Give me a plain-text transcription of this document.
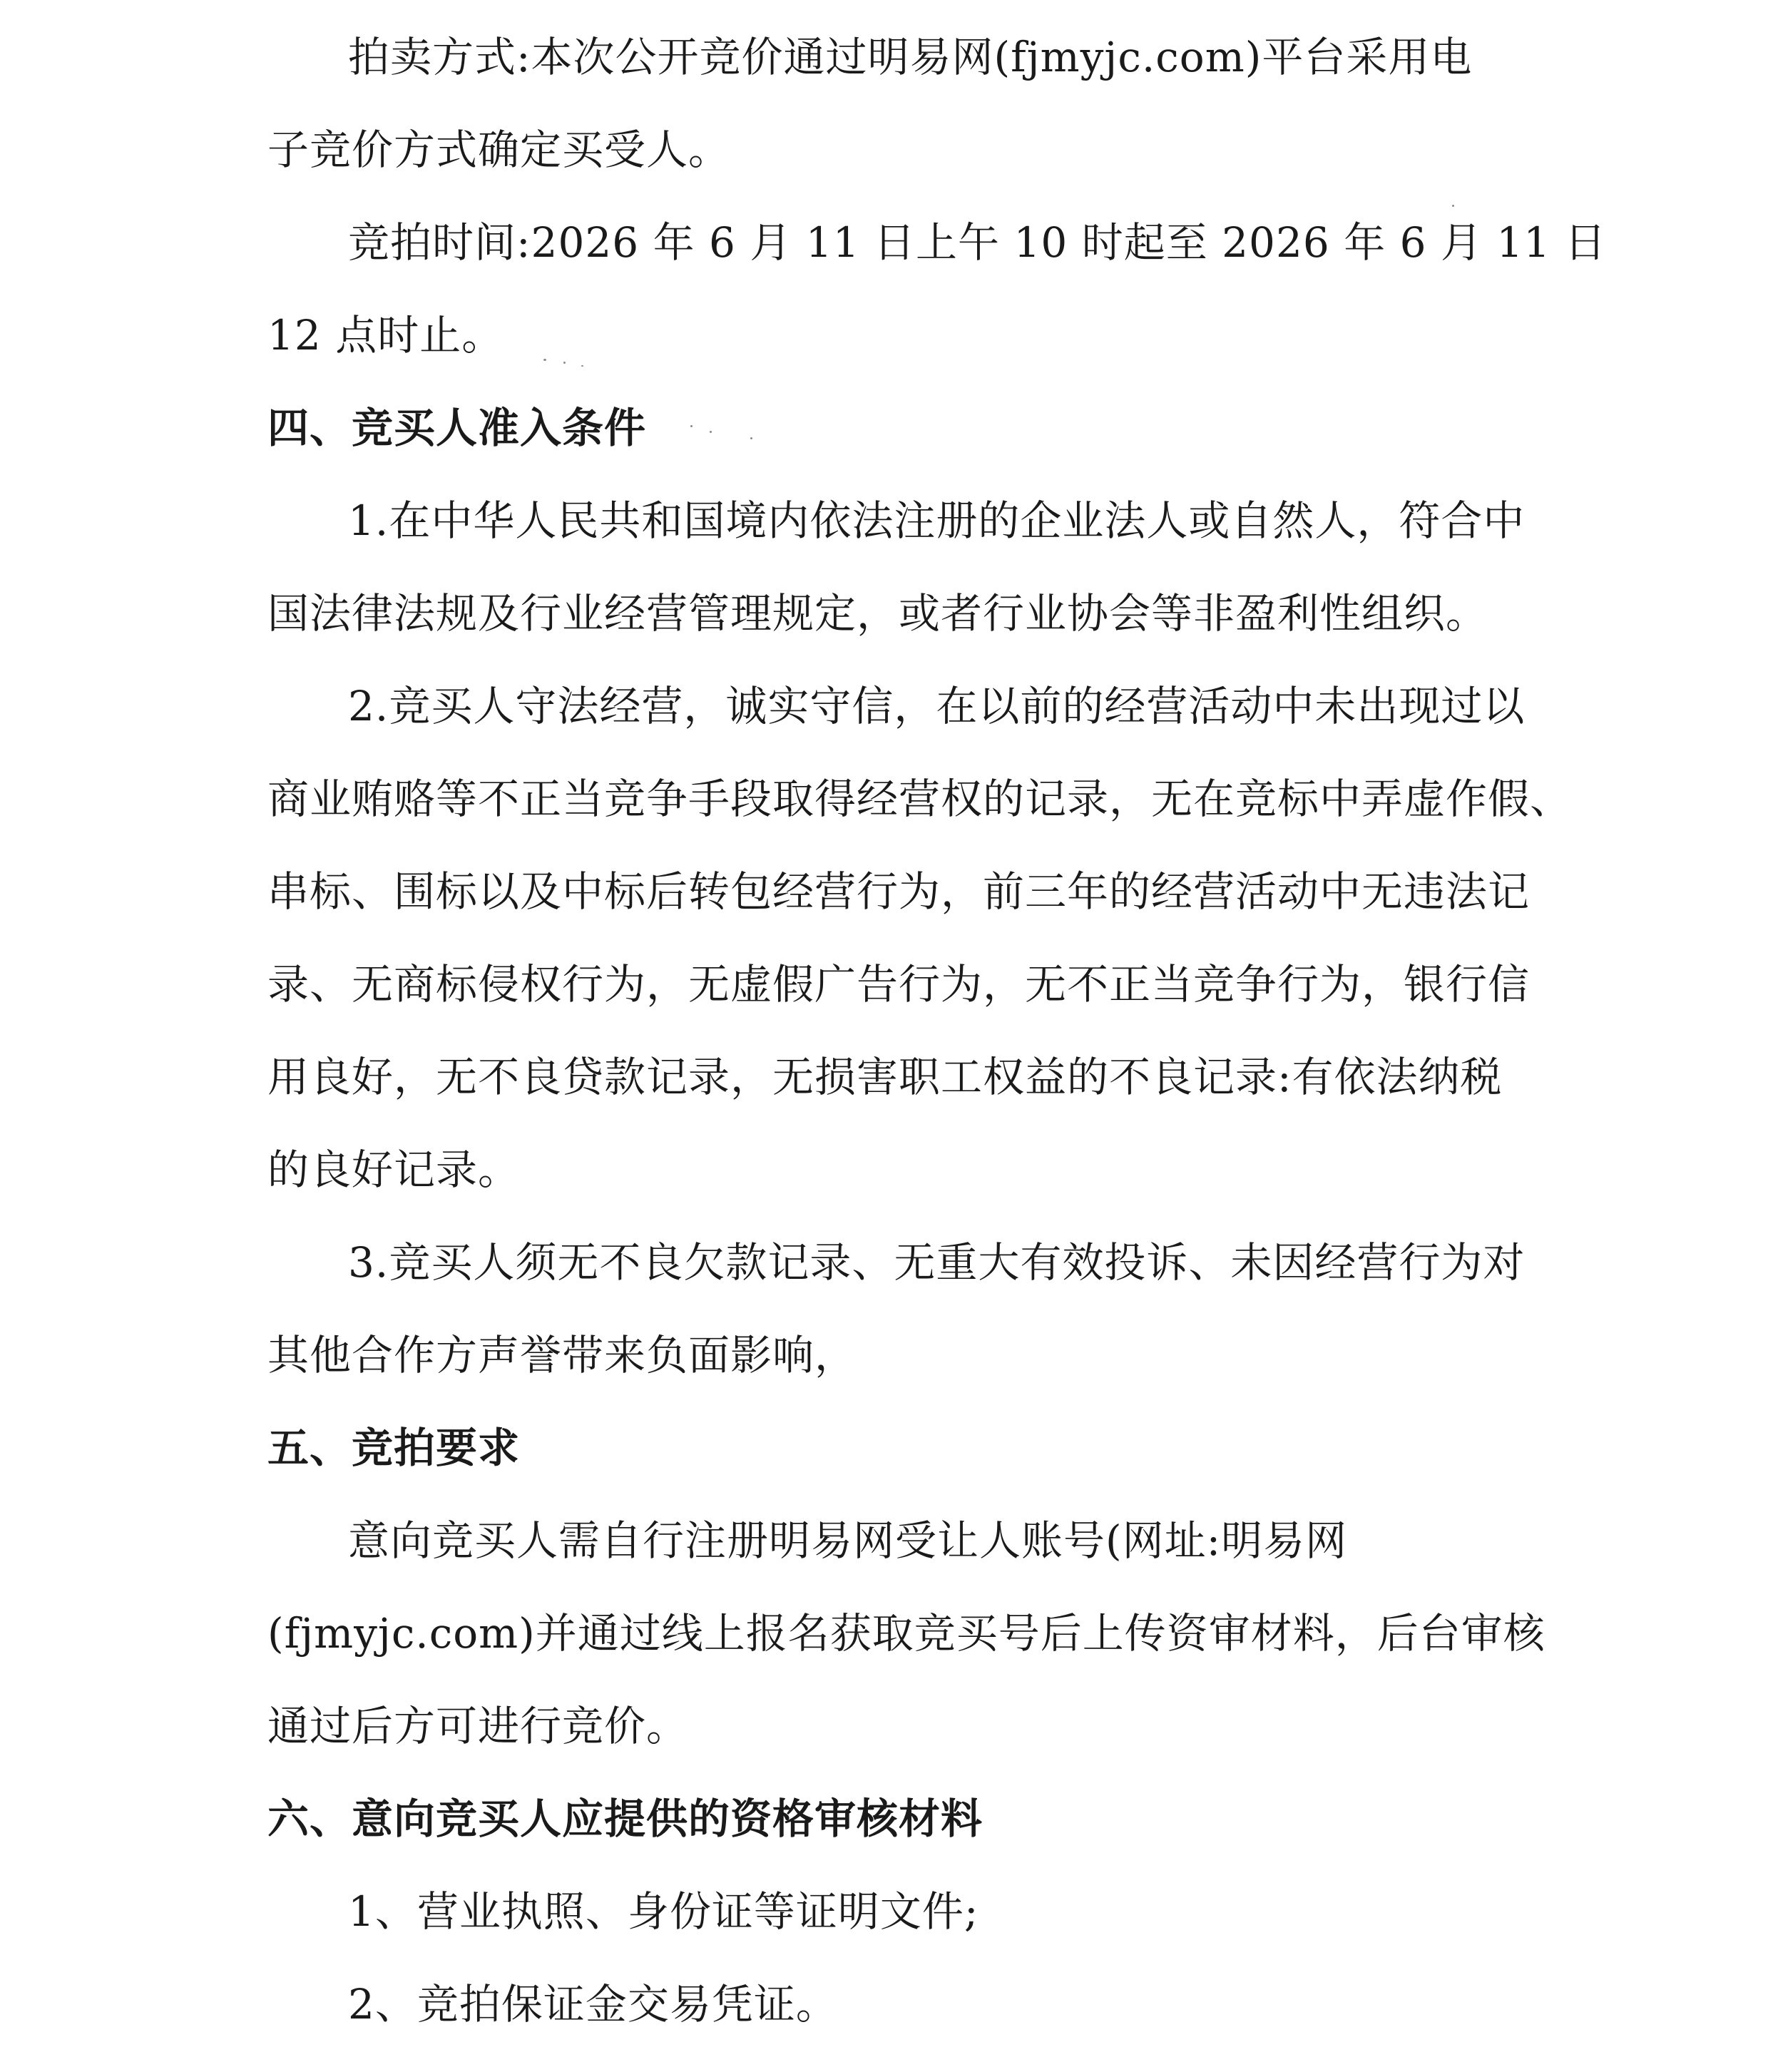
拍卖方式:本次公开竞价通过明易网(fjmyjc.com)平台采用电
子竞价方式确定买受人。
竞拍时间:2026 年 6 月 11 日上午 10 时起至 2026 年 6 月 11 日
12 点时止。
四、竞买人准入条件
1.在中华人民共和国境内依法注册的企业法人或自然人，符合中
国法律法规及行业经营管理规定，或者行业协会等非盈利性组织。
2.竞买人守法经营，诚实守信，在以前的经营活动中未出现过以
商业贿赂等不正当竞争手段取得经营权的记录，无在竞标中弄虚作假、
串标、围标以及中标后转包经营行为，前三年的经营活动中无违法记
录、无商标侵权行为，无虚假广告行为，无不正当竞争行为，银行信
用良好，无不良贷款记录，无损害职工权益的不良记录:有依法纳税
的良好记录。
3.竞买人须无不良欠款记录、无重大有效投诉、未因经营行为对
其他合作方声誉带来负面影响，
五、竞拍要求
意向竞买人需自行注册明易网受让人账号(网址:明易网
(fjmyjc.com)并通过线上报名获取竞买号后上传资审材料，后台审核
通过后方可进行竞价。
六、意向竞买人应提供的资格审核材料
1、营业执照、身份证等证明文件;
2、竞拍保证金交易凭证。
